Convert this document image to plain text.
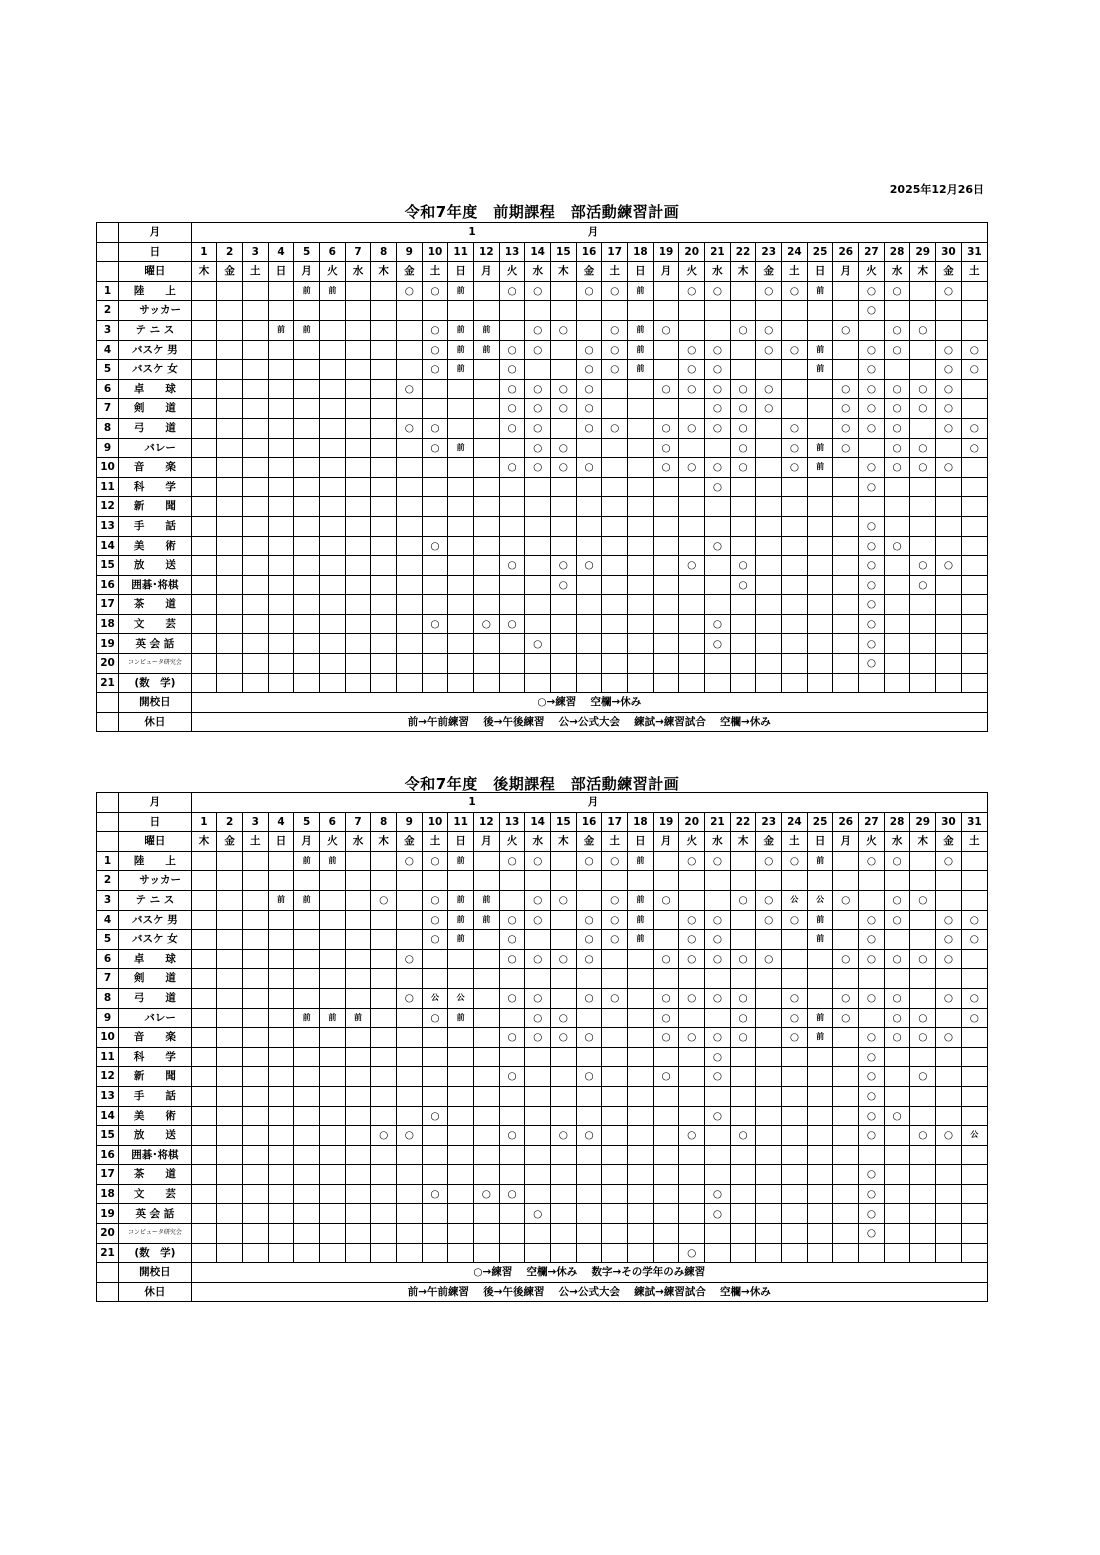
2025年12月26日
令和7年度　前期課程　部活動練習計画
	月	1 月																														
	日	1	2	3	4	5	6	7	8	9	10	11	12	13	14	15	16	17	18	19	20	21	22	23	24	25	26	27	28	29	30	31
	曜日	木	金	土	日	月	火	水	木	金	土	日	月	火	水	木	金	土	日	月	火	水	木	金	土	日	月	火	水	木	金	土
1	陸　　上					前	前			○	○	前		○	○		○	○	前		○	○		○	○	前		○	○		○	
2	　サッカー																											○				
3	テ ニ ス				前	前					○	前	前		○	○		○	前	○			○	○			○		○	○		
4	バスケ 男										○	前	前	○	○		○	○	前		○	○		○	○	前		○	○		○	○
5	バスケ 女										○	前		○			○	○	前		○	○				前		○			○	○
6	卓　　球									○				○	○	○	○			○	○	○	○	○			○	○	○	○	○	
7	剣　　道													○	○	○	○					○	○	○			○	○	○	○	○	
8	弓　　道									○	○			○	○		○	○		○	○	○	○		○		○	○	○		○	○
9	　バレー										○	前			○	○				○			○		○	前	○		○	○		○
10	音　　楽													○	○	○	○			○	○	○	○		○	前		○	○	○	○	
11	科　　学																					○						○				
12	新　　聞																															
13	手　　話																											○				
14	美　　術										○											○						○	○			
15	放　　送													○		○	○				○		○					○		○	○	
16	囲碁･将棋															○							○					○		○		
17	茶　　道																											○				
18	文　　芸										○		○	○								○						○				
19	英 会 話														○							○						○				
20	コンピュータ研究会																											○				
21	(数　学)																															
	開校日	○→練習　 空欄→休み																														
	休日	前→午前練習　 後→午後練習　 公→公式大会　 練試→練習試合　 空欄→休み																														
令和7年度　後期課程　部活動練習計画
	月	1 月																														
	日	1	2	3	4	5	6	7	8	9	10	11	12	13	14	15	16	17	18	19	20	21	22	23	24	25	26	27	28	29	30	31
	曜日	木	金	土	日	月	火	水	木	金	土	日	月	火	水	木	金	土	日	月	火	水	木	金	土	日	月	火	水	木	金	土
1	陸　　上					前	前			○	○	前		○	○		○	○	前		○	○		○	○	前		○	○		○	
2	　サッカー																															
3	テ ニ ス				前	前			○		○	前	前		○	○		○	前	○			○	○	公	公	○		○	○		
4	バスケ 男										○	前	前	○	○		○	○	前		○	○		○	○	前		○	○		○	○
5	バスケ 女										○	前		○			○	○	前		○	○				前		○			○	○
6	卓　　球									○				○	○	○	○			○	○	○	○	○			○	○	○	○	○	
7	剣　　道																															
8	弓　　道									○	公	公		○	○		○	○		○	○	○	○		○		○	○	○		○	○
9	　バレー					前	前	前			○	前			○	○				○			○		○	前	○		○	○		○
10	音　　楽													○	○	○	○			○	○	○	○		○	前		○	○	○	○	
11	科　　学																					○						○				
12	新　　聞													○			○			○		○						○		○		
13	手　　話																											○				
14	美　　術										○											○						○	○			
15	放　　送								○	○				○		○	○				○		○					○		○	○	公
16	囲碁･将棋																															
17	茶　　道																											○				
18	文　　芸										○		○	○								○						○				
19	英 会 話														○							○						○				
20	コンピュータ研究会																											○				
21	(数　学)																				○											
	開校日	○→練習　 空欄→休み　 数字→その学年のみ練習																														
	休日	前→午前練習　 後→午後練習　 公→公式大会　 練試→練習試合　 空欄→休み																														
